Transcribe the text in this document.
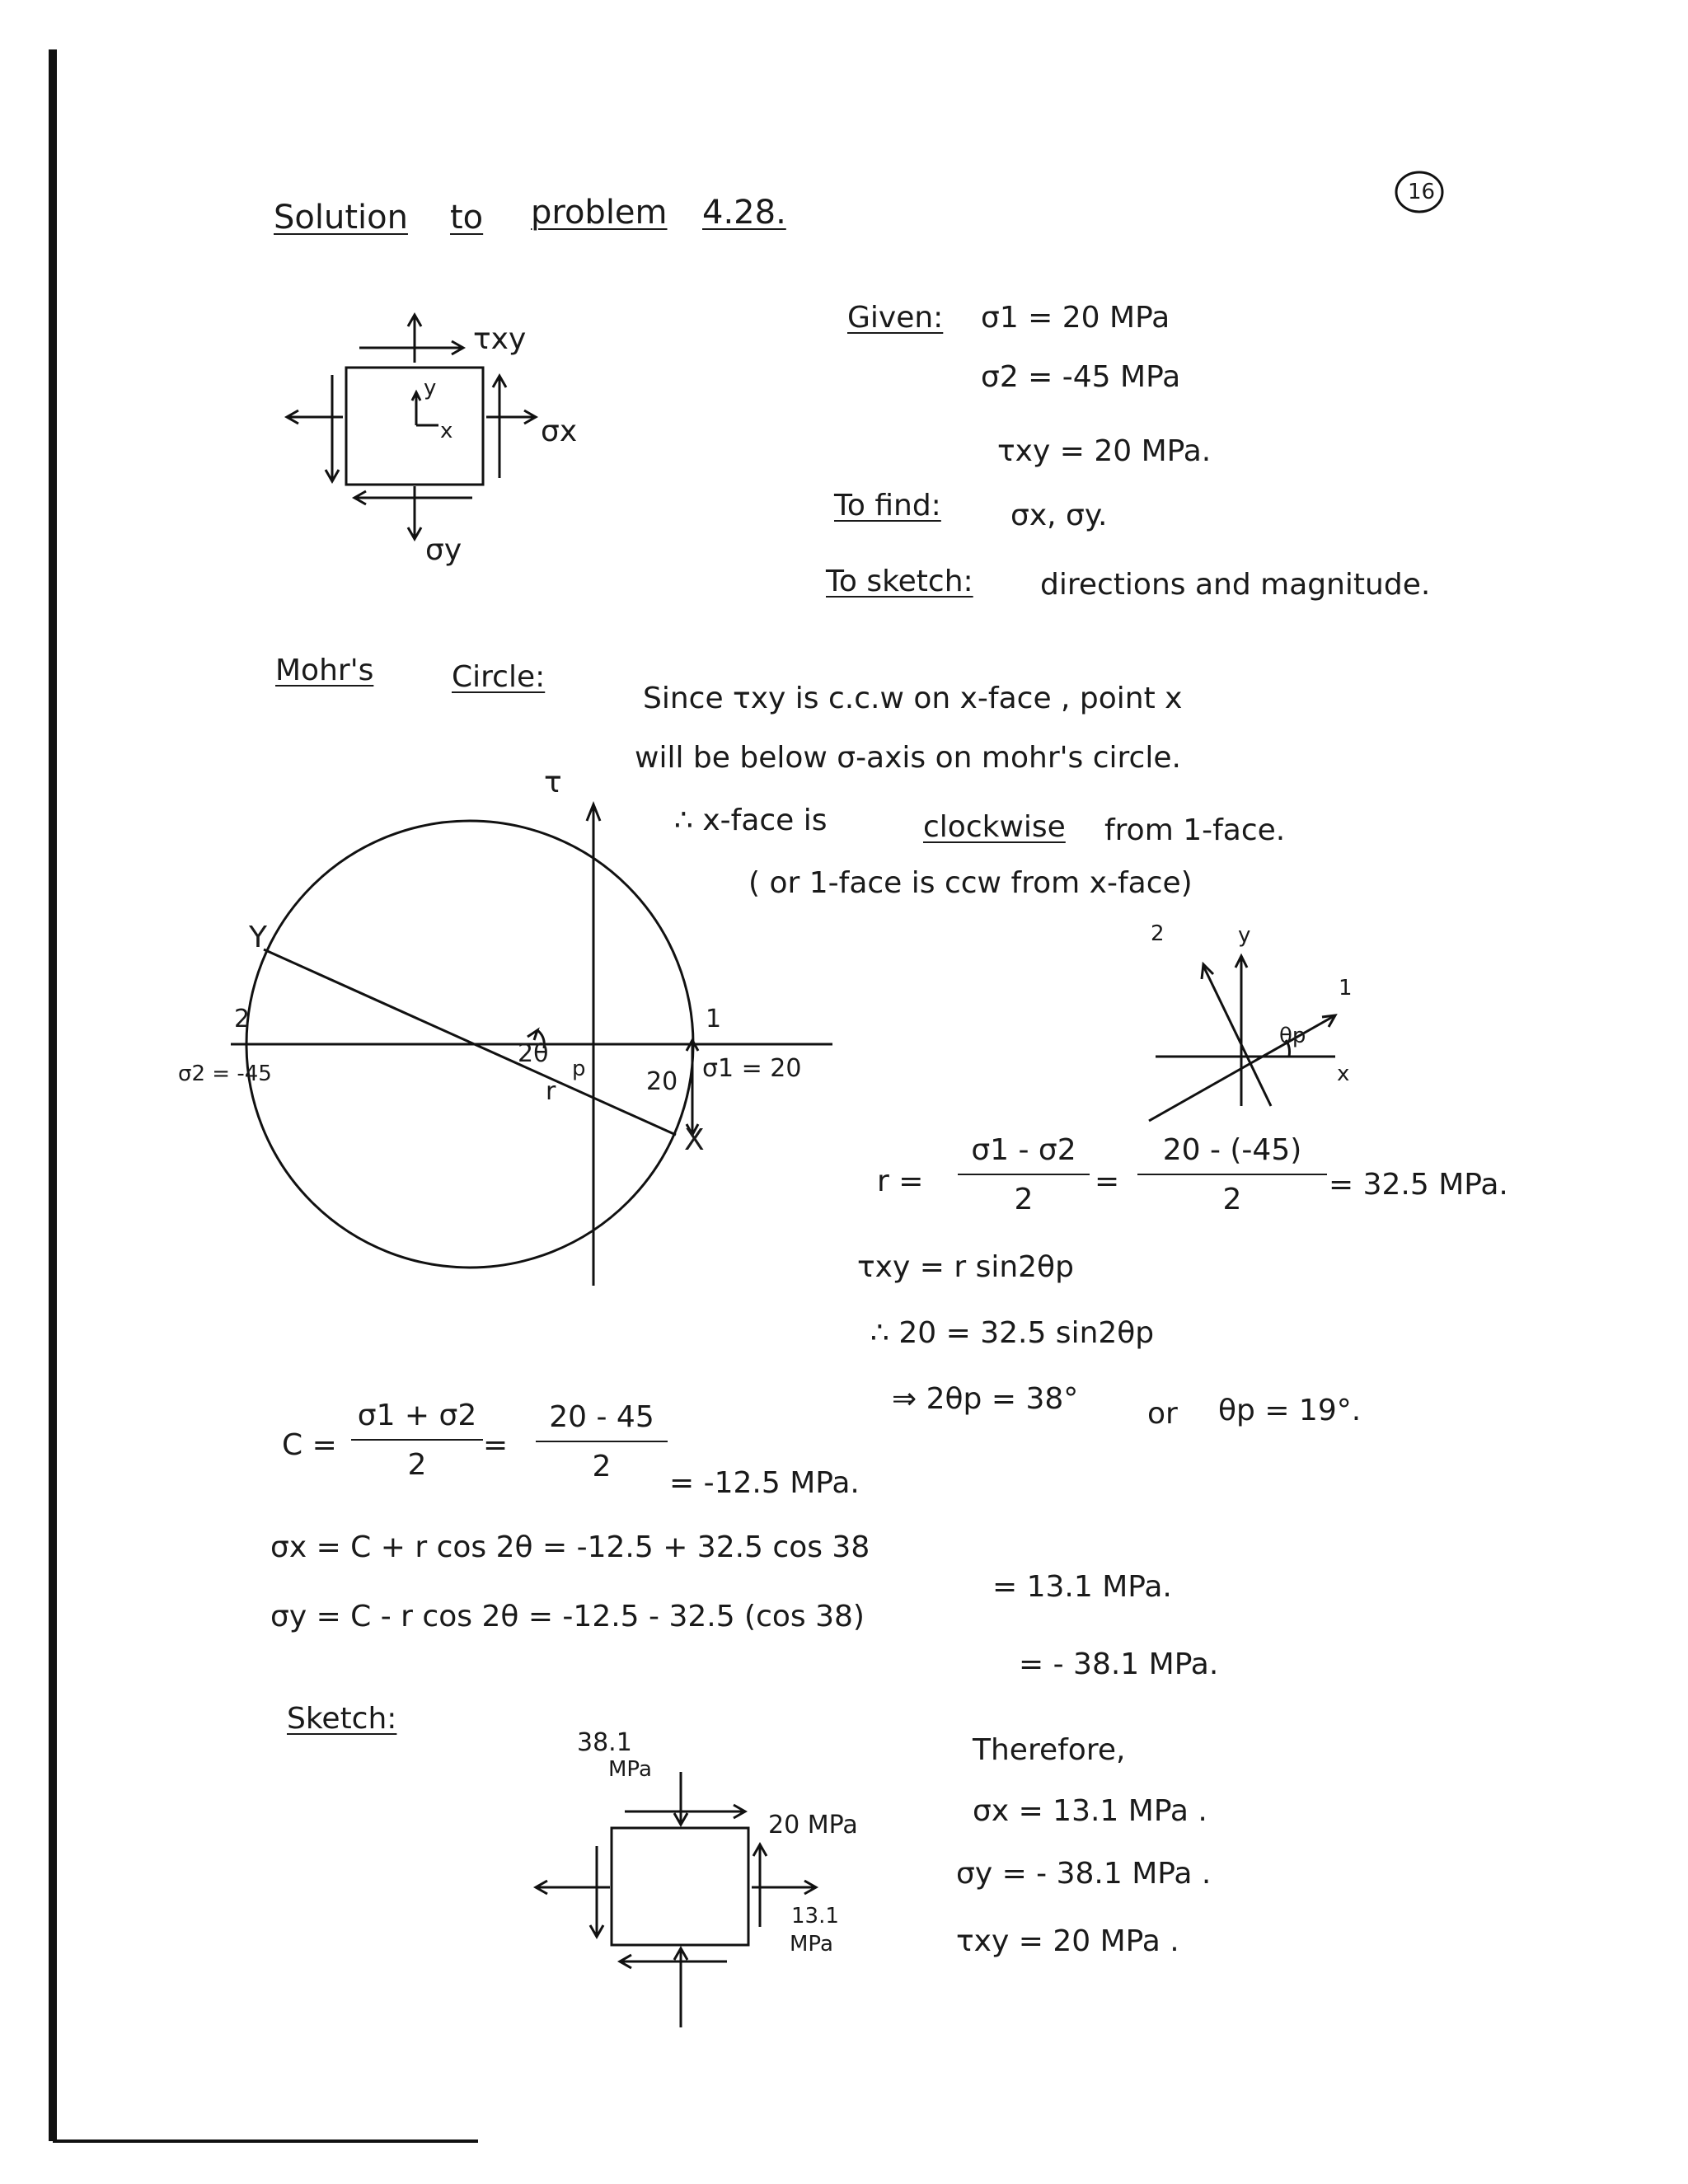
Solution to problem 4.28.
16
τxy
σx
σy
x
y
Given: σ1 = 20 MPa
σ2 = -45 MPa
τxy = 20 MPa.
To find: σx, σy.
To sketch: directions and magnitude.
Mohr's	Circle:
Since τxy is c.c.w on x-face , point x
will be below σ-axis on mohr's circle.
∴ x-face is	clockwise from 1-face.
( or 1-face is ccw from x-face)
τ
Y
2	1
X
σ2 = -45	σ1 = 20
2θ
p
r	20
2	y
1
x
θp
$r = \frac{\sigma 1 - \sigma 2}{2} = \frac{20 - (-45)}{2} = 32.5$ MPa.
τxy = r sin2θp
∴ 20 = 32.5 sin2θp
⇒ 2θp = 38° or θp = 19°.
$C = \frac{\sigma 1 + \sigma 2}{2} = \frac{20 - 45}{2}$
= -12.5 MPa.
σx = C + r cos 2θ = -12.5 + 32.5 cos 38
= 13.1 MPa.
σy = C - r cos 2θ = -12.5 - 32.5 (cos 38)
= - 38.1 MPa.
Sketch:
38.1
MPa
20 MPa
13.1
MPa
Therefore,
σx = 13.1 MPa .
σy = - 38.1 MPa .
τxy = 20 MPa .
